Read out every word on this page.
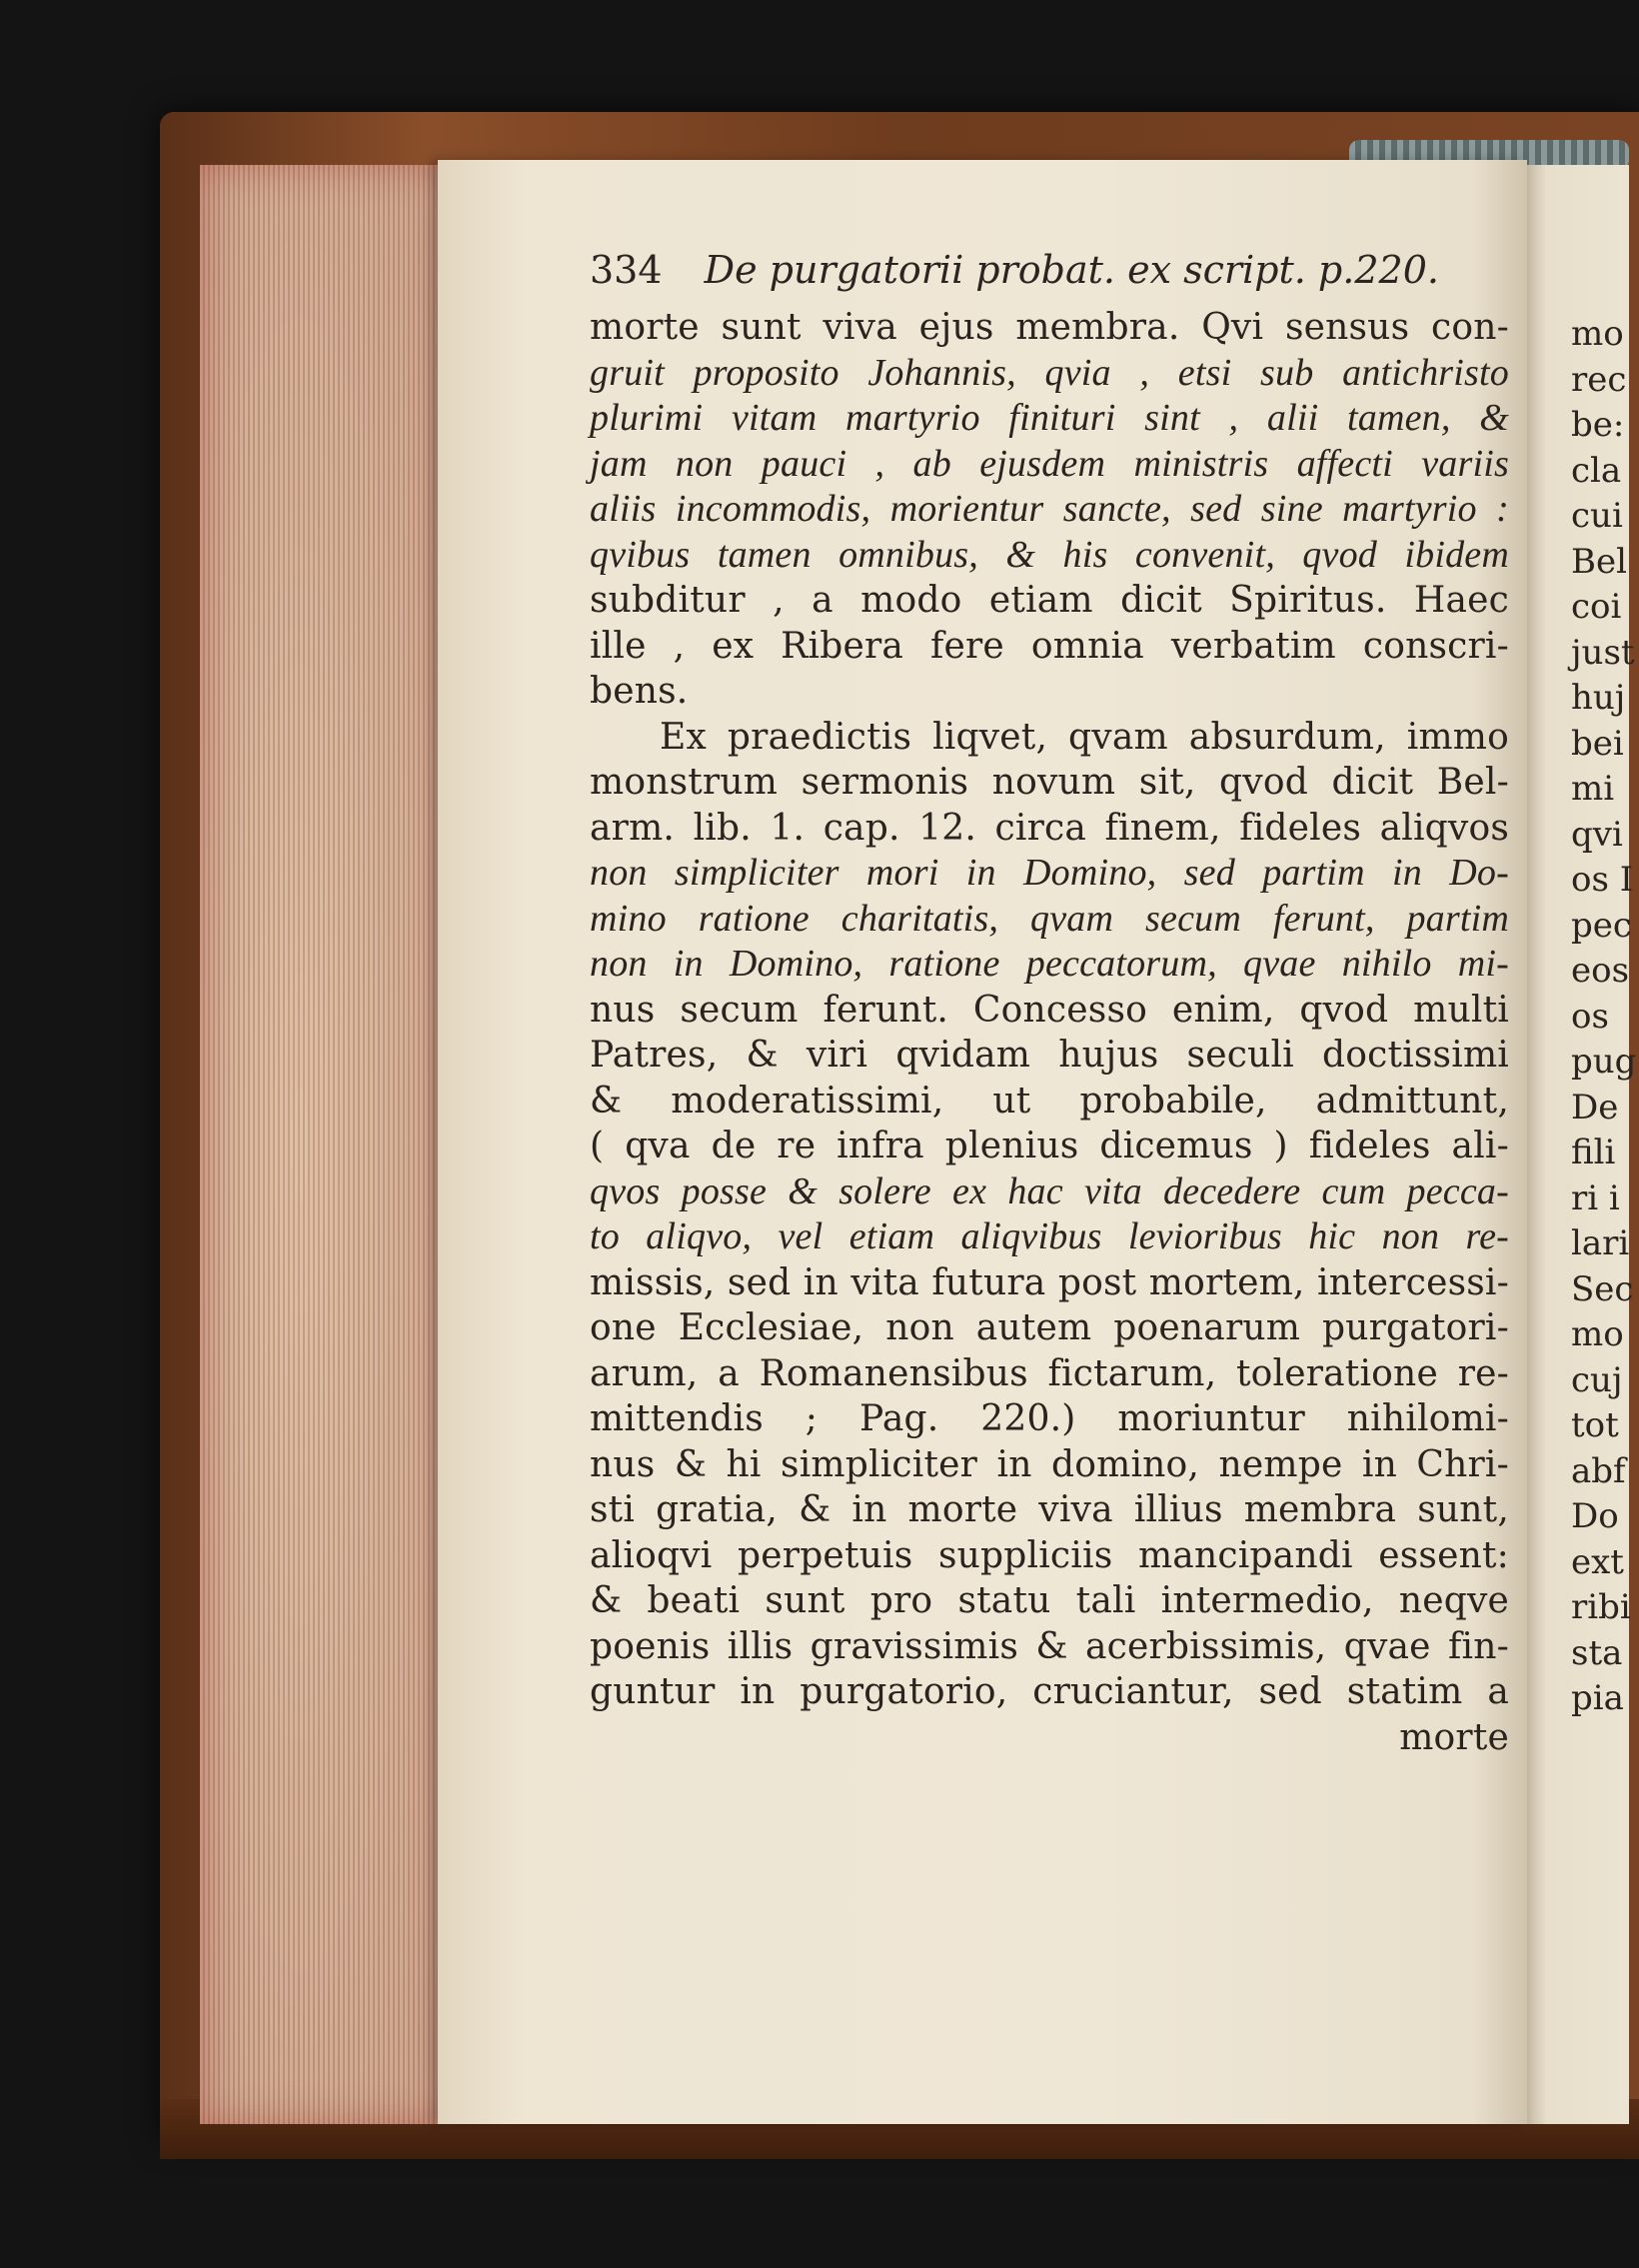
334 De purgatorii probat. ex script. p.220.
morte sunt viva ejus membra. Qvi sensus con-
gruit proposito Johannis, qvia , etsi sub antichristo
plurimi vitam martyrio finituri sint , alii tamen, &
jam non pauci , ab ejusdem ministris affecti variis
aliis incommodis, morientur sancte, sed sine martyrio :
qvibus tamen omnibus, & his convenit, qvod ibidem
subditur , a modo etiam dicit Spiritus. Haec
ille , ex Ribera fere omnia verbatim conscri-
bens.
Ex praedictis liqvet, qvam absurdum, immo
monstrum sermonis novum sit, qvod dicit Bel-
arm. lib. 1. cap. 12. circa finem, fideles aliqvos
non simpliciter mori in Domino, sed partim in Do-
mino ratione charitatis, qvam secum ferunt, partim
non in Domino, ratione peccatorum, qvae nihilo mi-
nus secum ferunt. Concesso enim, qvod multi
Patres, & viri qvidam hujus seculi doctissimi
& moderatissimi, ut probabile, admittunt,
( qva de re infra plenius dicemus ) fideles ali-
qvos posse & solere ex hac vita decedere cum pecca-
to aliqvo, vel etiam aliqvibus levioribus hic non re-
missis, sed in vita futura post mortem, intercessi-
one Ecclesiae, non autem poenarum purgatori-
arum, a Romanensibus fictarum, toleratione re-
mittendis ; Pag. 220.) moriuntur nihilomi-
nus & hi simpliciter in domino, nempe in Chri-
sti gratia, & in morte viva illius membra sunt,
alioqvi perpetuis suppliciis mancipandi essent:
& beati sunt pro statu tali intermedio, neqve
poenis illis gravissimis & acerbissimis, qvae fin-
guntur in purgatorio, cruciantur, sed statim a
morte
mo
rec
be:
cla
cui
Bel
coi
just
huj
bei
mi
qvi
os I
pec
eos
os
pug
De
fili
ri i
lari
Sec
mo
cuj
tot
abf
Do
ext
ribi
sta
pia
